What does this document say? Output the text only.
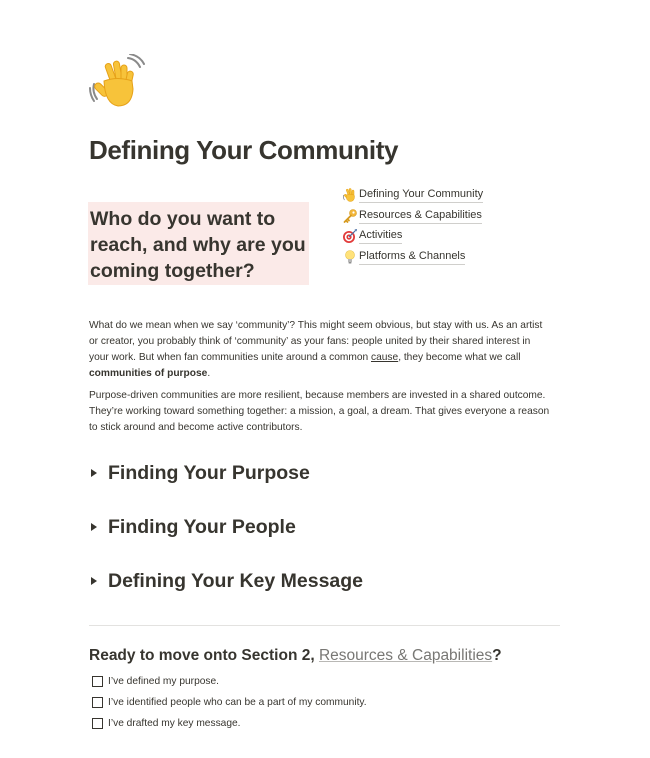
Defining Your Community
Who do you want to reach, and why are you coming together?
Defining Your Community
Resources & Capabilities
Activities
Platforms & Channels

What do we mean when we say ‘community’? This might seem obvious, but stay with us. As an artist or creator, you probably think of ‘community’ as your fans: people united by their shared interest in your work. But when fan communities unite around a common cause, they become what we call communities of purpose.

Purpose-driven communities are more resilient, because members are invested in a shared outcome. They’re working toward something together: a mission, a goal, a dream. That gives everyone a reason to stick around and become active contributors.

Finding Your Purpose
Finding Your People
Defining Your Key Message
Ready to move onto Section 2, Resources & Capabilities?
I’ve defined my purpose.
I’ve identified people who can be a part of my community.
I’ve drafted my key message.
